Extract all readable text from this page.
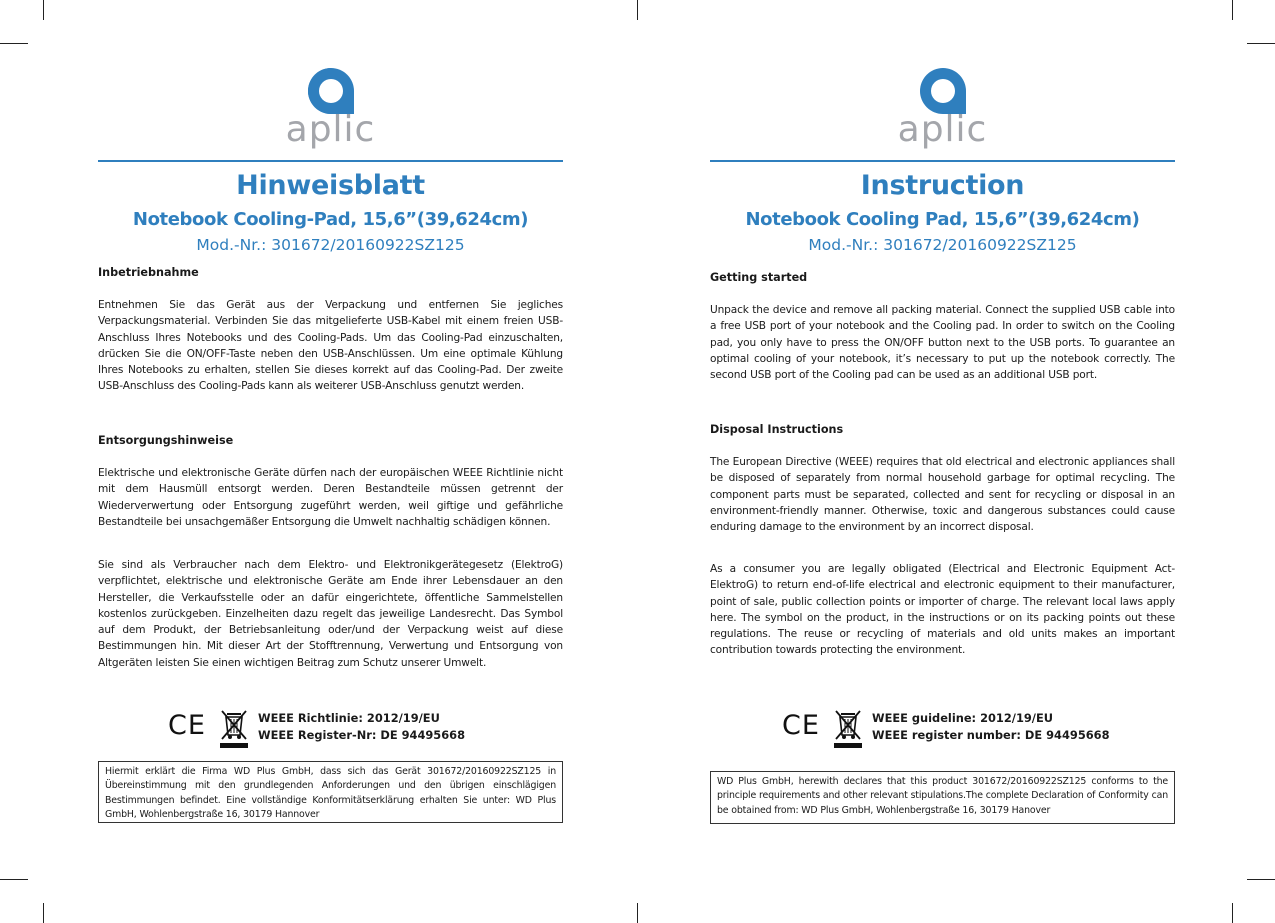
aplic
Hinweisblatt
Notebook Cooling-Pad, 15,6”(39,624cm)
Mod.-Nr.: 301672/20160922SZ125
Inbetriebnahme
Entnehmen Sie das Gerät aus der Verpackung und entfernen Sie jegliches Verpackungsmaterial. Verbinden Sie das mitgelieferte USB-Kabel mit einem freien USB-Anschluss Ihres Notebooks und des Cooling-Pads. Um das Cooling-Pad einzuschalten, drücken Sie die ON/OFF-Taste neben den USB-Anschlüssen. Um eine optimale Kühlung Ihres Notebooks zu erhalten, stellen Sie dieses korrekt auf das Cooling-Pad. Der zweite USB-Anschluss des Cooling-Pads kann als weiterer USB-Anschluss genutzt werden.
Entsorgungshinweise
Elektrische und elektronische Geräte dürfen nach der europäischen WEEE Richtlinie nicht mit dem Hausmüll entsorgt werden. Deren Bestandteile müssen getrennt der Wiederverwertung oder Entsorgung zugeführt werden, weil giftige und gefährliche Bestandteile bei unsachgemäßer Entsorgung die Umwelt nachhaltig schädigen können.
Sie sind als Verbraucher nach dem Elektro- und Elektronikgerätegesetz (ElektroG) verpflichtet, elektrische und elektronische Geräte am Ende ihrer Lebensdauer an den Hersteller, die Verkaufsstelle oder an dafür eingerichtete, öffentliche Sammelstellen kostenlos zurückgeben. Einzelheiten dazu regelt das jeweilige Landesrecht. Das Symbol auf dem Produkt, der Betriebsanleitung oder/und der Verpackung weist auf diese Bestimmungen hin. Mit dieser Art der Stofftrennung, Verwertung und Entsorgung von Altgeräten leisten Sie einen wichtigen Beitrag zum Schutz unserer Umwelt.
CE	WEEE Richtlinie: 2012/19/EU
WEEE Register-Nr: DE 94495668
Hiermit erklärt die Firma WD Plus GmbH, dass sich das Gerät 301672/20160922SZ125 in Übereinstimmung mit den grundlegenden Anforderungen und den übrigen einschlägigen Bestimmungen befindet. Eine vollständige Konformitätserklärung erhalten Sie unter: WD Plus GmbH, Wohlenbergstraße 16, 30179 Hannover
aplic
Instruction
Notebook Cooling Pad, 15,6”(39,624cm)
Mod.-Nr.: 301672/20160922SZ125
Getting started
Unpack the device and remove all packing material. Connect the supplied USB cable into a free USB port of your notebook and the Cooling pad. In order to switch on the Cooling pad, you only have to press the ON/OFF button next to the USB ports. To guarantee an optimal cooling of your notebook, it’s necessary to put up the notebook correctly. The second USB port of the Cooling pad can be used as an additional USB port.
Disposal Instructions
The European Directive (WEEE) requires that old electrical and electronic appliances shall be disposed of separately from normal household garbage for optimal recycling. The component parts must be separated, collected and sent for recycling or disposal in an environment-friendly manner. Otherwise, toxic and dangerous substances could cause enduring damage to the environment by an incorrect disposal.
As a consumer you are legally obligated (Electrical and Electronic Equipment Act-ElektroG) to return end-of-life electrical and electronic equipment to their manufacturer, point of sale, public collection points or importer of charge. The relevant local laws apply here. The symbol on the product, in the instructions or on its packing points out these regulations. The reuse or recycling of materials and old units makes an important contribution towards protecting the environment.
CE	WEEE guideline: 2012/19/EU
WEEE register number: DE 94495668
WD Plus GmbH, herewith declares that this product 301672/20160922SZ125 conforms to the principle requirements and other relevant stipulations.The complete Declaration of Conformity can be obtained from: WD Plus GmbH, Wohlenbergstraße 16, 30179 Hanover
